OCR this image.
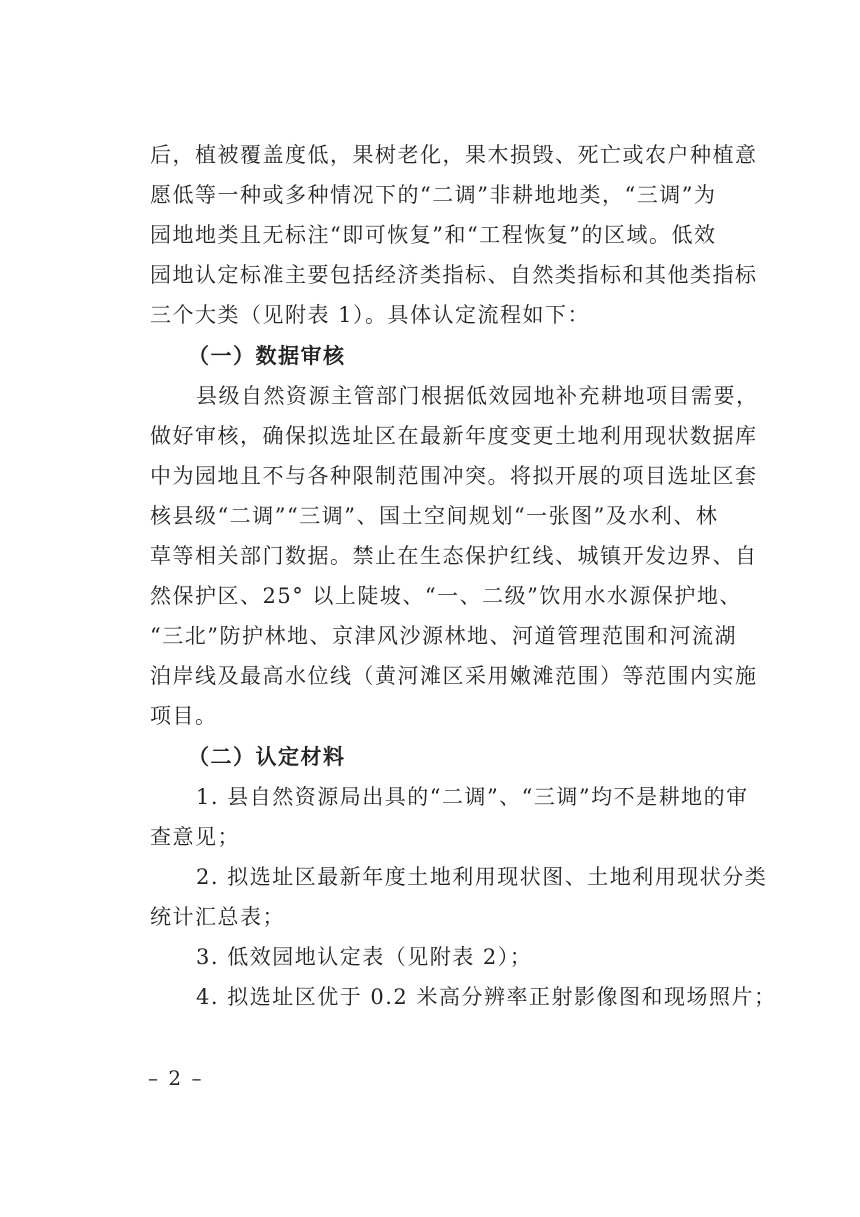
后，植被覆盖度低，果树老化，果木损毁、死亡或农户种植意
愿低等一种或多种情况下的“二调”非耕地地类，“三调”为
园地地类且无标注“即可恢复”和“工程恢复”的区域。低效
园地认定标准主要包括经济类指标、自然类指标和其他类指标
三个大类（见附表 1）。具体认定流程如下：
（一）数据审核
县级自然资源主管部门根据低效园地补充耕地项目需要，
做好审核，确保拟选址区在最新年度变更土地利用现状数据库
中为园地且不与各种限制范围冲突。将拟开展的项目选址区套
核县级“二调”“三调”、国土空间规划“一张图”及水利、林
草等相关部门数据。禁止在生态保护红线、城镇开发边界、自
然保护区、25° 以上陡坡、“一、二级”饮用水水源保护地、
“三北”防护林地、京津风沙源林地、河道管理范围和河流湖
泊岸线及最高水位线（黄河滩区采用嫩滩范围）等范围内实施
项目。
（二）认定材料
1. 县自然资源局出具的“二调”、“三调”均不是耕地的审
查意见；
2. 拟选址区最新年度土地利用现状图、土地利用现状分类
统计汇总表；
3. 低效园地认定表（见附表 2）；
4. 拟选址区优于 0.2 米高分辨率正射影像图和现场照片；
– 2 –
